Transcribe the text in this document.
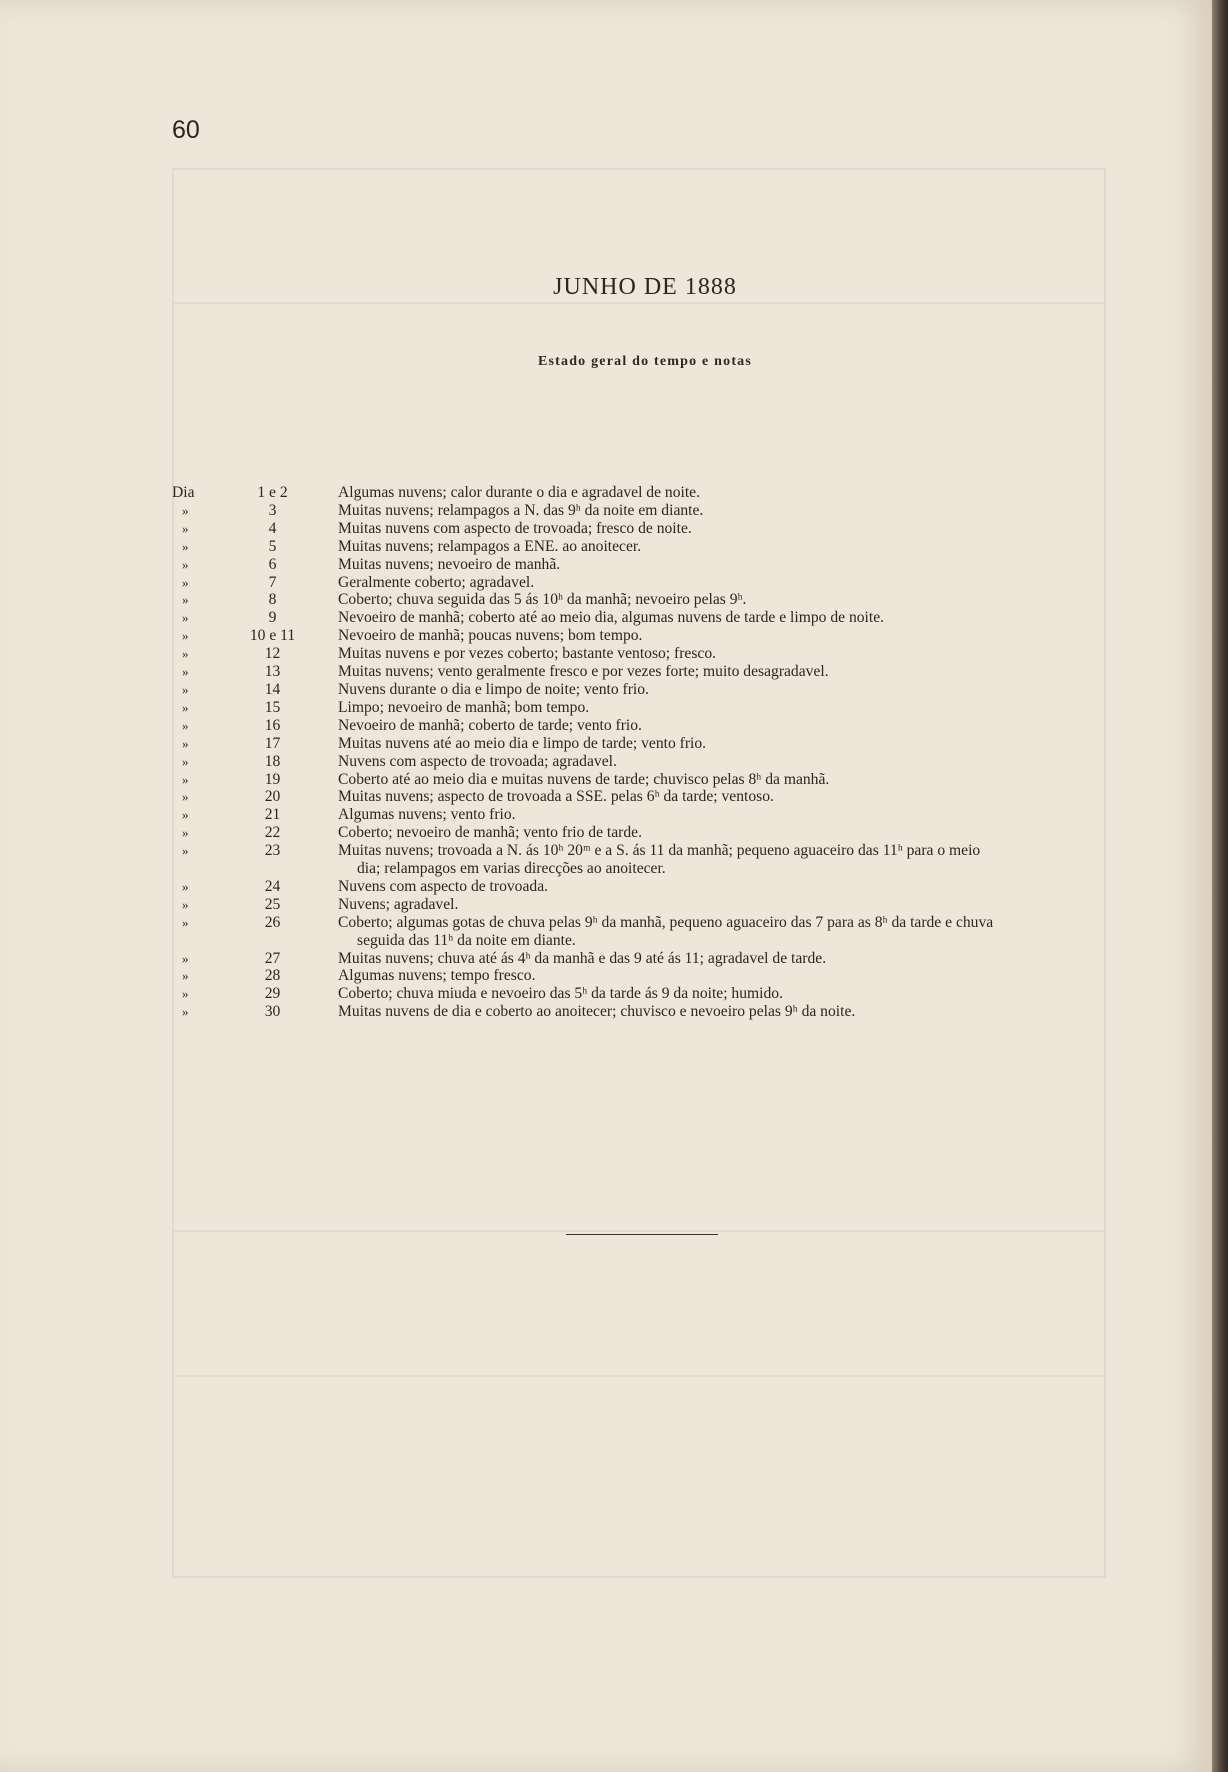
60
JUNHO DE 1888
Estado geral do tempo e notas
Dia	1 e 2	Algumas nuvens; calor durante o dia e agradavel de noite.
»	3	Muitas nuvens; relampagos a N. das 9ʰ da noite em diante.
»	4	Muitas nuvens com aspecto de trovoada; fresco de noite.
»	5	Muitas nuvens; relampagos a ENE. ao anoitecer.
»	6	Muitas nuvens; nevoeiro de manhã.
»	7	Geralmente coberto; agradavel.
»	8	Coberto; chuva seguida das 5 ás 10ʰ da manhã; nevoeiro pelas 9ʰ.
»	9	Nevoeiro de manhã; coberto até ao meio dia, algumas nuvens de tarde e limpo de noite.
»	10 e 11	Nevoeiro de manhã; poucas nuvens; bom tempo.
»	12	Muitas nuvens e por vezes coberto; bastante ventoso; fresco.
»	13	Muitas nuvens; vento geralmente fresco e por vezes forte; muito desagradavel.
»	14	Nuvens durante o dia e limpo de noite; vento frio.
»	15	Limpo; nevoeiro de manhã; bom tempo.
»	16	Nevoeiro de manhã; coberto de tarde; vento frio.
»	17	Muitas nuvens até ao meio dia e limpo de tarde; vento frio.
»	18	Nuvens com aspecto de trovoada; agradavel.
»	19	Coberto até ao meio dia e muitas nuvens de tarde; chuvisco pelas 8ʰ da manhã.
»	20	Muitas nuvens; aspecto de trovoada a SSE. pelas 6ʰ da tarde; ventoso.
»	21	Algumas nuvens; vento frio.
»	22	Coberto; nevoeiro de manhã; vento frio de tarde.
»	23	Muitas nuvens; trovoada a N. ás 10ʰ 20ᵐ e a S. ás 11 da manhã; pequeno aguaceiro das 11ʰ para o meio
dia; relampagos em varias direcções ao anoitecer.
»	24	Nuvens com aspecto de trovoada.
»	25	Nuvens; agradavel.
»	26	Coberto; algumas gotas de chuva pelas 9ʰ da manhã, pequeno aguaceiro das 7 para as 8ʰ da tarde e chuva
seguida das 11ʰ da noite em diante.
»	27	Muitas nuvens; chuva até ás 4ʰ da manhã e das 9 até ás 11; agradavel de tarde.
»	28	Algumas nuvens; tempo fresco.
»	29	Coberto; chuva miuda e nevoeiro das 5ʰ da tarde ás 9 da noite; humido.
»	30	Muitas nuvens de dia e coberto ao anoitecer; chuvisco e nevoeiro pelas 9ʰ da noite.
